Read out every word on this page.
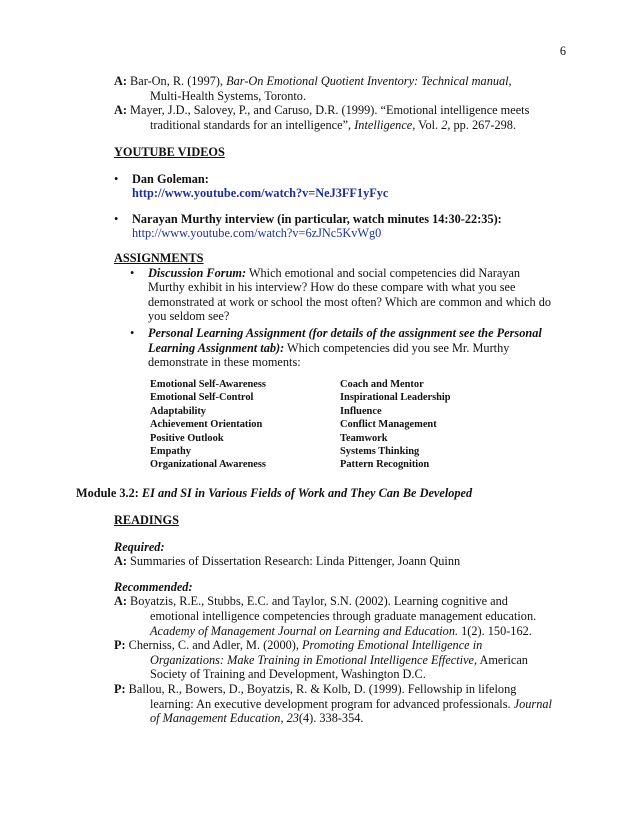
6
A: Bar-On, R. (1997), Bar-On Emotional Quotient Inventory: Technical manual,
Multi-Health Systems, Toronto.
A: Mayer, J.D., Salovey, P., and Caruso, D.R. (1999). “Emotional intelligence meets
traditional standards for an intelligence”, Intelligence, Vol. 2, pp. 267-298.
YOUTUBE VIDEOS
• Dan Goleman:
http://www.youtube.com/watch?v=NeJ3FF1yFyc
• Narayan Murthy interview (in particular, watch minutes 14:30-22:35):
http://www.youtube.com/watch?v=6zJNc5KvWg0
ASSIGNMENTS
• Discussion Forum: Which emotional and social competencies did Narayan
Murthy exhibit in his interview? How do these compare with what you see
demonstrated at work or school the most often? Which are common and which do
you seldom see?
• Personal Learning Assignment (for details of the assignment see the Personal
Learning Assignment tab): Which competencies did you see Mr. Murthy
demonstrate in these moments:
Emotional Self-Awareness	Coach and Mentor
Emotional Self-Control	Inspirational Leadership
Adaptability	Influence
Achievement Orientation	Conflict Management
Positive Outlook	Teamwork
Empathy	Systems Thinking
Organizational Awareness	Pattern Recognition
Module 3.2: EI and SI in Various Fields of Work and They Can Be Developed
READINGS
Required:
A: Summaries of Dissertation Research: Linda Pittenger, Joann Quinn
Recommended:
A: Boyatzis, R.E., Stubbs, E.C. and Taylor, S.N. (2002). Learning cognitive and
emotional intelligence competencies through graduate management education.
Academy of Management Journal on Learning and Education. 1(2). 150-162.
P: Cherniss, C. and Adler, M. (2000), Promoting Emotional Intelligence in
Organizations: Make Training in Emotional Intelligence Effective, American
Society of Training and Development, Washington D.C.
P: Ballou, R., Bowers, D., Boyatzis, R. & Kolb, D. (1999). Fellowship in lifelong
learning: An executive development program for advanced professionals. Journal
of Management Education, 23(4). 338-354.
